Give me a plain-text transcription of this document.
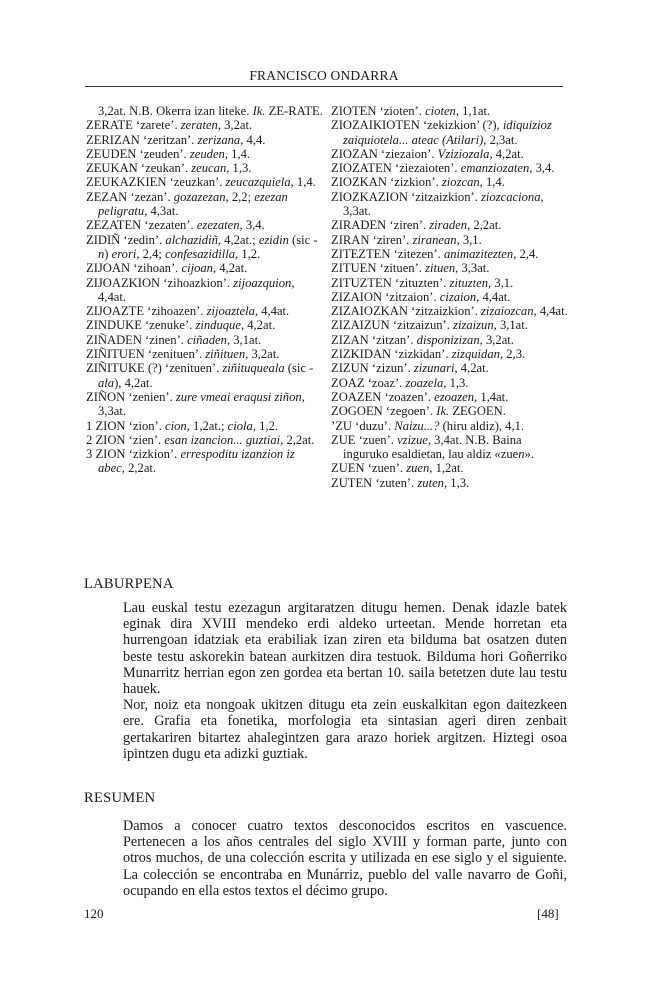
FRANCISCO ONDARRA

3,2at. N.B. Okerra izan liteke. Ik. ZE-RATE.

ZERATE ‘zarete’. zeraten, 3,2at.

ZERIZAN ‘zeritzan’. zerizana, 4,4.

ZEUDEN ‘zeuden’. zeuden, 1,4.

ZEUKAN ‘zeukan’. zeucan, 1,3.

ZEUKAZKIEN ‘zeuzkan’. zeucazquiela, 1,4.

ZEZAN ‘zezan’. gozazezan, 2,2; ezezan peligratu, 4,3at.

ZEZATEN ‘zezaten’. ezezaten, 3,4.

ZIDIÑ ‘zedin’. alchazidiñ, 4,2at.; ezidin (sic -n) erori, 2,4; confesazidilla, 1,2.

ZIJOAN ‘zihoan’. cijoan, 4,2at.

ZIJOAZKION ‘zihoazkion’. zijoazquion, 4,4at.

ZIJOAZTE ‘zihoazen’. zijoaztela, 4,4at.

ZINDUKE ‘zenuke’. zinduque, 4,2at.

ZIÑADEN ‘zinen’. ciñaden, 3,1at.

ZIÑITUEN ‘zenituen’. ziñituen, 3,2at.

ZIÑITUKE (?) ‘zenituen’. ziñituqueala (sic -ala), 4,2at.

ZIÑON ‘zenien’. zure vmeai eraqusi ziñon, 3,3at.

1 ZION ‘zion’. cion, 1,2at.; ciola, 1,2.

2 ZION ‘zien’. esan izancion... guztiai, 2,2at.

3 ZION ‘zizkion’. errespoditu izanzion iz abec, 2,2at.

ZIOTEN ‘zioten’. cioten, 1,1at.

ZIOZAIKIOTEN ‘zekizkion’ (?), idiquizioz zaiquiotela... ateac (Atilari), 2,3at.

ZIOZAN ‘ziezaion’. Vziziozala, 4,2at.

ZIOZATEN ‘ziezaioten’. emanziozaten, 3,4.

ZIOZKAN ‘zizkion’. ziozcan, 1,4.

ZIOZKAZION ‘zitzaizkion’. ziozcaciona, 3,3at.

ZIRADEN ‘ziren’. ziraden, 2,2at.

ZIRAN ‘ziren’. ziranean, 3,1.

ZITEZTEN ‘zitezen’. animazitezten, 2,4.

ZITUEN ‘zituen’. zituen, 3,3at.

ZITUZTEN ‘zituzten’. zituzten, 3,1.

ZIZAION ‘zitzaion’. cizaion, 4,4at.

ZIZAIOZKAN ‘zitzaizkion’. zizaiozcan, 4,4at.

ZIZAIZUN ‘zitzaizun’. zizaizun, 3,1at.

ZIZAN ‘zitzan’. disponizizan, 3,2at.

ZIZKIDAN ‘zizkidan’. zizquidan, 2,3.

ZIZUN ‘zizun’. zizunari, 4,2at.

ZOAZ ‘zoaz’. zoazela, 1,3.

ZOAZEN ‘zoazen’. ezoazen, 1,4at.

ZOGOEN ‘zegoen’. Ik. ZEGOEN.

’ZU ‘duzu’. Naizu...? (hiru aldiz), 4,1.

ZUE ‘zuen’. vzizue, 3,4at. N.B. Baina inguruko esaldietan, lau aldiz «zuen».

ZUEN ‘zuen’. zuen, 1,2at.

ZUTEN ‘zuten’. zuten, 1,3.

LABURPENA

Lau euskal testu ezezagun argitaratzen ditugu hemen. Denak idazle batek eginak dira XVIII mendeko erdi aldeko urteetan. Mende horretan eta hurrengoan idatziak eta erabiliak izan ziren eta bilduma bat osatzen duten beste testu askorekin batean aurkitzen dira testuok. Bilduma hori Goñerriko Munarritz herrian egon zen gordea eta bertan 10. saila betetzen dute lau testu hauek.

Nor, noiz eta nongoak ukitzen ditugu eta zein euskalkitan egon daitezkeen ere. Grafia eta fonetika, morfologia eta sintasian ageri diren zenbait gertakariren bitartez ahalegintzen gara arazo horiek argitzen. Hiztegi osoa ipintzen dugu eta adizki guztiak.

RESUMEN

Damos a conocer cuatro textos desconocidos escritos en vascuence. Pertenecen a los años centrales del siglo XVIII y forman parte, junto con otros muchos, de una colección escrita y utilizada en ese siglo y el siguiente. La colección se encontraba en Munárriz, pueblo del valle navarro de Goñi, ocupando en ella estos textos el décimo grupo.

120	[48]
